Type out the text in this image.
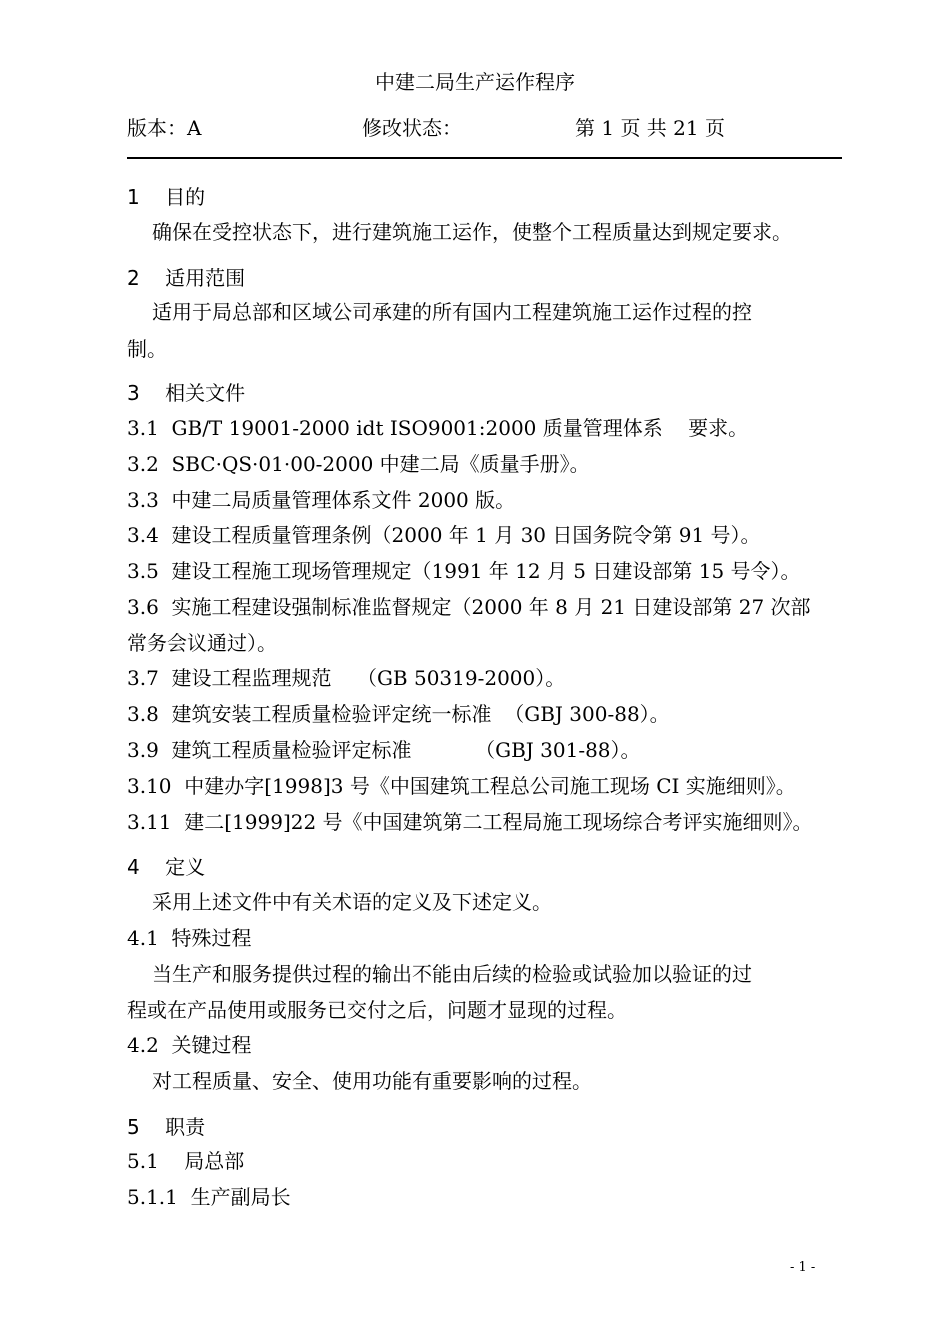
中建二局生产运作程序
版本：A	修改状态：	第 1 页 共 21 页
1    目的
确保在受控状态下，进行建筑施工运作，使整个工程质量达到规定要求。
2    适用范围
适用于局总部和区域公司承建的所有国内工程建筑施工运作过程的控
制。
3    相关文件
3.1  GB/T 19001-2000 idt ISO9001:2000 质量管理体系    要求。
3.2  SBC·QS·01·00-2000 中建二局《质量手册》。
3.3  中建二局质量管理体系文件 2000 版。
3.4  建设工程质量管理条例（2000 年 1 月 30 日国务院令第 91 号）。
3.5  建设工程施工现场管理规定（1991 年 12 月 5 日建设部第 15 号令）。
3.6  实施工程建设强制标准监督规定（2000 年 8 月 21 日建设部第 27 次部
常务会议通过）。
3.7  建设工程监理规范    （GB 50319-2000）。
3.8  建筑安装工程质量检验评定统一标准  （GBJ 300-88）。
3.9  建筑工程质量检验评定标准          （GBJ 301-88）。
3.10  中建办字[1998]3 号《中国建筑工程总公司施工现场 CI 实施细则》。
3.11  建二[1999]22 号《中国建筑第二工程局施工现场综合考评实施细则》。
4    定义
采用上述文件中有关术语的定义及下述定义。
4.1  特殊过程
当生产和服务提供过程的输出不能由后续的检验或试验加以验证的过
程或在产品使用或服务已交付之后，问题才显现的过程。
4.2  关键过程
对工程质量、安全、使用功能有重要影响的过程。
5    职责
5.1    局总部
5.1.1  生产副局长
- 1 -
